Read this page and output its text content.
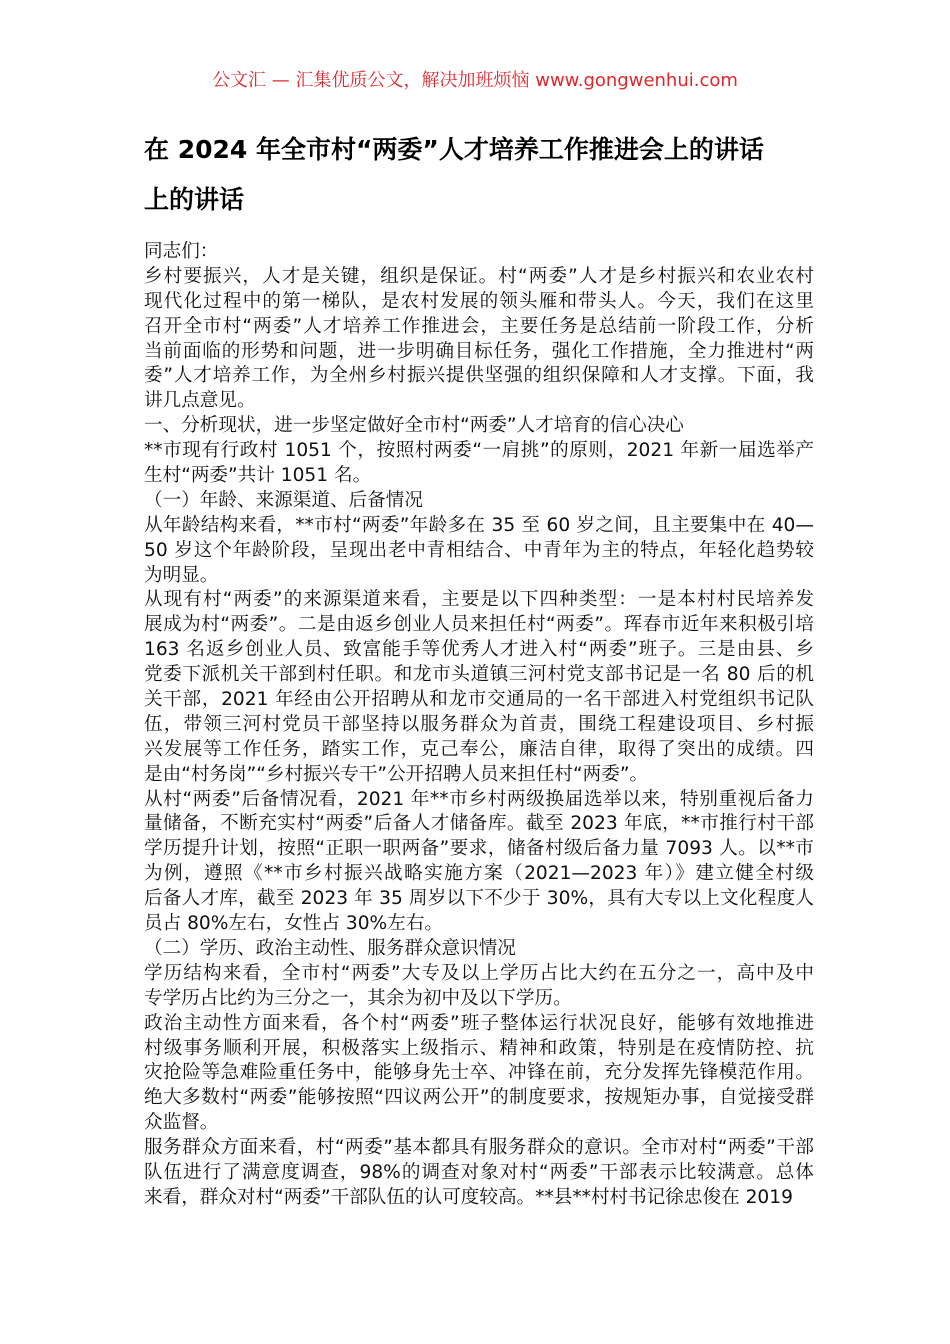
公文汇 — 汇集优质公文，解决加班烦恼 www.gongwenhui.com
在 2024 年全市村“两委”人才培养工作推进会上的讲话
上的讲话
同志们：
乡村要振兴，人才是关键，组织是保证。村“两委”人才是乡村振兴和农业农村
现代化过程中的第一梯队，是农村发展的领头雁和带头人。今天，我们在这里
召开全市村“两委”人才培养工作推进会，主要任务是总结前一阶段工作，分析
当前面临的形势和问题，进一步明确目标任务，强化工作措施，全力推进村“两
委”人才培养工作，为全州乡村振兴提供坚强的组织保障和人才支撑。下面，我
讲几点意见。
一、分析现状，进一步坚定做好全市村“两委”人才培育的信心决心
**市现有行政村 1051 个，按照村两委“一肩挑”的原则，2021 年新一届选举产
生村“两委”共计 1051 名。
（一）年龄、来源渠道、后备情况
从年龄结构来看，**市村“两委”年龄多在 35 至 60 岁之间，且主要集中在 40—
50 岁这个年龄阶段，呈现出老中青相结合、中青年为主的特点，年轻化趋势较
为明显。
从现有村“两委”的来源渠道来看，主要是以下四种类型：一是本村村民培养发
展成为村“两委”。二是由返乡创业人员来担任村“两委”。珲春市近年来积极引培
163 名返乡创业人员、致富能手等优秀人才进入村“两委”班子。三是由县、乡
党委下派机关干部到村任职。和龙市头道镇三河村党支部书记是一名 80 后的机
关干部，2021 年经由公开招聘从和龙市交通局的一名干部进入村党组织书记队
伍，带领三河村党员干部坚持以服务群众为首责，围绕工程建设项目、乡村振
兴发展等工作任务，踏实工作，克己奉公，廉洁自律，取得了突出的成绩。四
是由“村务岗”“乡村振兴专干”公开招聘人员来担任村“两委”。
从村“两委”后备情况看，2021 年**市乡村两级换届选举以来，特别重视后备力
量储备，不断充实村“两委”后备人才储备库。截至 2023 年底，**市推行村干部
学历提升计划，按照“正职一职两备”要求，储备村级后备力量 7093 人。以**市
为例，遵照《**市乡村振兴战略实施方案（2021—2023 年）》建立健全村级
后备人才库，截至 2023 年 35 周岁以下不少于 30%，具有大专以上文化程度人
员占 80%左右，女性占 30%左右。
（二）学历、政治主动性、服务群众意识情况
学历结构来看，全市村“两委”大专及以上学历占比大约在五分之一，高中及中
专学历占比约为三分之一，其余为初中及以下学历。
政治主动性方面来看，各个村“两委”班子整体运行状况良好，能够有效地推进
村级事务顺利开展，积极落实上级指示、精神和政策，特别是在疫情防控、抗
灾抢险等急难险重任务中，能够身先士卒、冲锋在前，充分发挥先锋模范作用。
绝大多数村“两委”能够按照“四议两公开”的制度要求，按规矩办事，自觉接受群
众监督。
服务群众方面来看，村“两委”基本都具有服务群众的意识。全市对村“两委”干部
队伍进行了满意度调查，98%的调查对象对村“两委”干部表示比较满意。总体
来看，群众对村“两委”干部队伍的认可度较高。**县**村村书记徐忠俊在 2019
